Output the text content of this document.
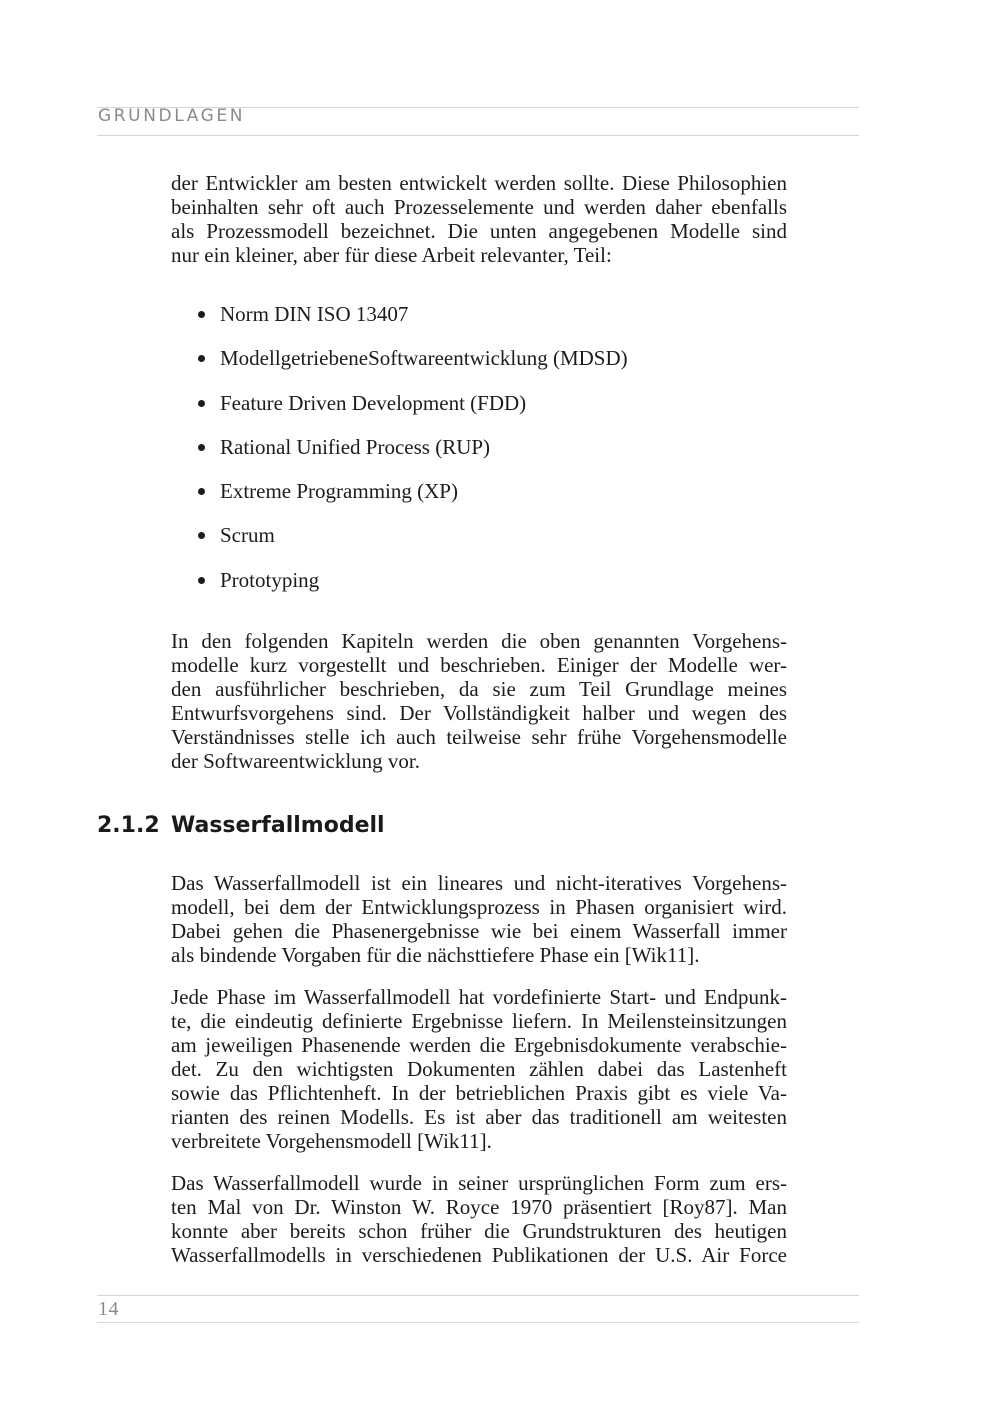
GRUNDLAGEN

der Entwickler am besten entwickelt werden sollte. Diese Philosophien
beinhalten sehr oft auch Prozesselemente und werden daher ebenfalls
als Prozessmodell bezeichnet. Die unten angegebenen Modelle sind
nur ein kleiner, aber für diese Arbeit relevanter, Teil:

Norm DIN ISO 13407
ModellgetriebeneSoftwareentwicklung (MDSD)
Feature Driven Development (FDD)
Rational Unified Process (RUP)
Extreme Programming (XP)
Scrum
Prototyping

In den folgenden Kapiteln werden die oben genannten Vorgehens-
modelle kurz vorgestellt und beschrieben. Einiger der Modelle wer-
den ausführlicher beschrieben, da sie zum Teil Grundlage meines
Entwurfsvorgehens sind. Der Vollständigkeit halber und wegen des
Verständnisses stelle ich auch teilweise sehr frühe Vorgehensmodelle
der Softwareentwicklung vor.

2.1.2 Wasserfallmodell

Das Wasserfallmodell ist ein lineares und nicht-iteratives Vorgehens-
modell, bei dem der Entwicklungsprozess in Phasen organisiert wird.
Dabei gehen die Phasenergebnisse wie bei einem Wasserfall immer
als bindende Vorgaben für die nächsttiefere Phase ein [Wik11].

Jede Phase im Wasserfallmodell hat vordefinierte Start- und Endpunk-
te, die eindeutig definierte Ergebnisse liefern. In Meilensteinsitzungen
am jeweiligen Phasenende werden die Ergebnisdokumente verabschie-
det. Zu den wichtigsten Dokumenten zählen dabei das Lastenheft
sowie das Pflichtenheft. In der betrieblichen Praxis gibt es viele Va-
rianten des reinen Modells. Es ist aber das traditionell am weitesten
verbreitete Vorgehensmodell [Wik11].

Das Wasserfallmodell wurde in seiner ursprünglichen Form zum ers-
ten Mal von Dr. Winston W. Royce 1970 präsentiert [Roy87]. Man
konnte aber bereits schon früher die Grundstrukturen des heutigen
Wasserfallmodells in verschiedenen Publikationen der U.S. Air Force

14
